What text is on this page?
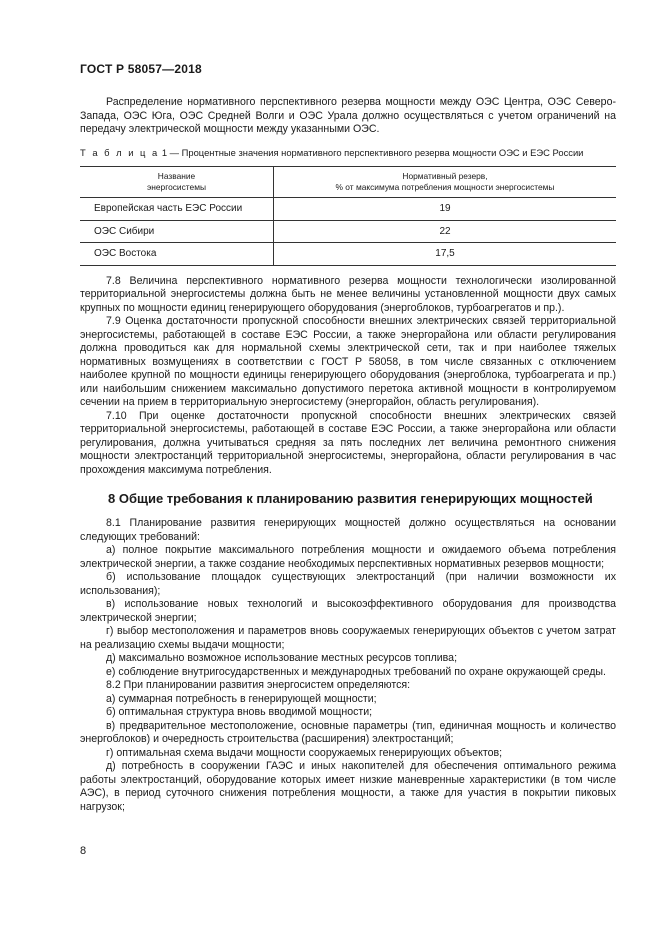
ГОСТ Р 58057—2018

Распределение нормативного перспективного резерва мощности между ОЭС Центра, ОЭС Северо-Запада, ОЭС Юга, ОЭС Средней Волги и ОЭС Урала должно осуществляться с учетом ограничений на передачу электрической мощности между указанными ОЭС.

Т а б л и ц а 1 — Процентные значения нормативного перспективного резерва мощности ОЭС и ЕЭС России

Название
энергосистемы	Нормативный резерв,
% от максимума потребления мощности энергосистемы
Европейская часть ЕЭС России	19
ОЭС Сибири	22
ОЭС Востока	17,5

7.8 Величина перспективного нормативного резерва мощности технологически изолированной территориальной энергосистемы должна быть не менее величины установленной мощности двух самых крупных по мощности единиц генерирующего оборудования (энергоблоков, турбоагрегатов и пр.).

7.9 Оценка достаточности пропускной способности внешних электрических связей территориальной энергосистемы, работающей в составе ЕЭС России, а также энергорайона или области регулирования должна проводиться как для нормальной схемы электрической сети, так и при наиболее тяжелых нормативных возмущениях в соответствии с ГОСТ Р 58058, в том числе связанных с отключением наиболее крупной по мощности единицы генерирующего оборудования (энергоблока, турбоагрегата и пр.) или наибольшим снижением максимально допустимого перетока активной мощности в контролируемом сечении на прием в территориальную энергосистему (энергорайон, область регулирования).

7.10 При оценке достаточности пропускной способности внешних электрических связей территориальной энергосистемы, работающей в составе ЕЭС России, а также энергорайона или области регулирования, должна учитываться средняя за пять последних лет величина ремонтного снижения мощности электростанций территориальной энергосистемы, энергорайона, области регулирования в час прохождения максимума потребления.

8 Общие требования к планированию развития генерирующих мощностей

8.1 Планирование развития генерирующих мощностей должно осуществляться на основании следующих требований:

а) полное покрытие максимального потребления мощности и ожидаемого объема потребления электрической энергии, а также создание необходимых перспективных нормативных резервов мощности;

б) использование площадок существующих электростанций (при наличии возможности их использования);

в) использование новых технологий и высокоэффективного оборудования для производства электрической энергии;

г) выбор местоположения и параметров вновь сооружаемых генерирующих объектов с учетом затрат на реализацию схемы выдачи мощности;

д) максимально возможное использование местных ресурсов топлива;

е) соблюдение внутригосударственных и международных требований по охране окружающей среды.

8.2 При планировании развития энергосистем определяются:

а) суммарная потребность в генерирующей мощности;

б) оптимальная структура вновь вводимой мощности;

в) предварительное местоположение, основные параметры (тип, единичная мощность и количество энергоблоков) и очередность строительства (расширения) электростанций;

г) оптимальная схема выдачи мощности сооружаемых генерирующих объектов;

д) потребность в сооружении ГАЭС и иных накопителей для обеспечения оптимального режима работы электростанций, оборудование которых имеет низкие маневренные характеристики (в том числе АЭС), в период суточного снижения потребления мощности, а также для участия в покрытии пиковых нагрузок;

8
